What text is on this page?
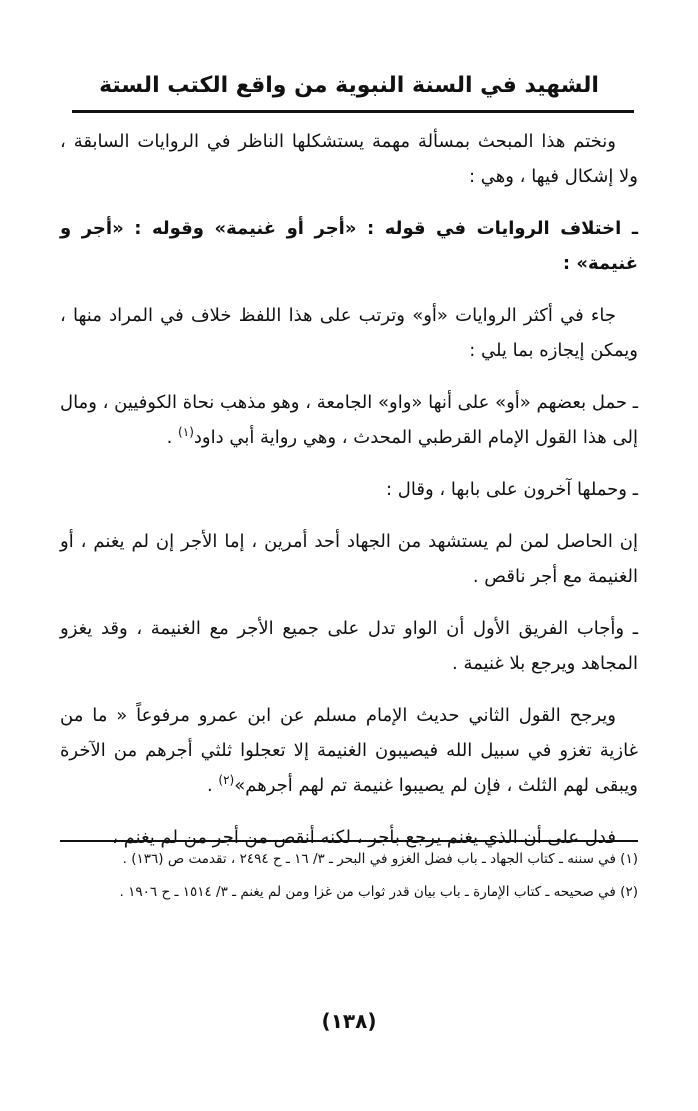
الشهيد في السنة النبوية من واقع الكتب الستة

ونختم هذا المبحث بمسألة مهمة يستشكلها الناظر في الروايات السابقة ، ولا إشكال فيها ، وهي :

ـ اختلاف الروايات في قوله : «أجر أو غنيمة» وقوله : «أجر و غنيمة» :

جاء في أكثر الروايات «أو» وترتب على هذا اللفظ خلاف في المراد منها ، ويمكن إيجازه بما يلي :

ـ حمل بعضهم «أو» على أنها «واو» الجامعة ، وهو مذهب نحاة الكوفيين ، ومال إلى هذا القول الإمام القرطبي المحدث ، وهي رواية أبي داود$^{(١)}$ .

ـ وحملها آخرون على بابها ، وقال :

إن الحاصل لمن لم يستشهد من الجهاد أحد أمرين ، إما الأجر إن لم يغنم ، أو الغنيمة مع أجر ناقص .

ـ وأجاب الفريق الأول أن الواو تدل على جميع الأجر مع الغنيمة ، وقد يغزو المجاهد ويرجع بلا غنيمة .

ويرجح القول الثاني حديث الإمام مسلم عن ابن عمرو مرفوعاً « ما من غازية تغزو في سبيل الله فيصيبون الغنيمة إلا تعجلوا ثلثي أجرهم من الآخرة ويبقى لهم الثلث ، فإن لم يصيبوا غنيمة تم لهم أجرهم»$^{(٢)}$ .

فدل على أن الذي يغنم يرجع بأجر ، لكنه أنقص من أجر من لم يغنم ،

(١) في سننه ـ كتاب الجهاد ـ باب فضل الغزو في البحر ـ ٣/ ١٦ ـ ح ٢٤٩٤ ، تقدمت ص (١٣٦) .

(٢) في صحيحه ـ كتاب الإمارة ـ باب بيان قدر ثواب من غزا ومن لم يغنم ـ ٣/ ١٥١٤ ـ ح ١٩٠٦ .

(١٣٨)
